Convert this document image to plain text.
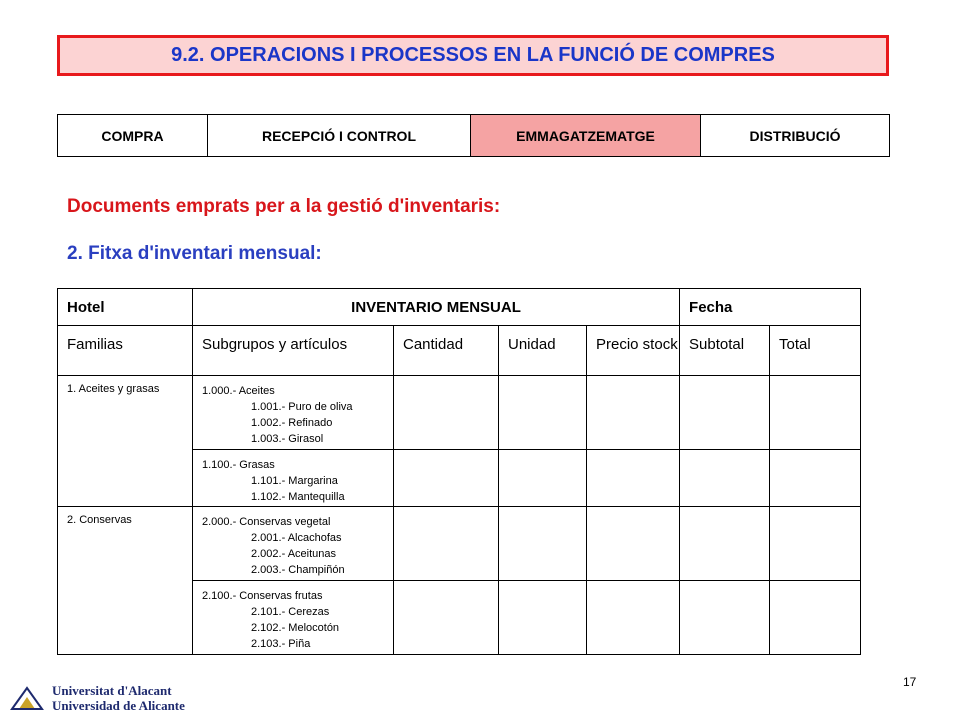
9.2. OPERACIONS I PROCESSOS EN LA FUNCIÓ DE COMPRES
COMPRA	RECEPCIÓ I CONTROL	EMMAGATZEMATGE	DISTRIBUCIÓ
Documents emprats per a la gestió d'inventaris:
2. Fitxa d'inventari mensual:
Hotel	INVENTARIO MENSUAL				Fecha	
Familias	Subgrupos y artículos	Cantidad	Unidad	Precio stock	Subtotal	Total
1. Aceites y grasas	1.000.- Aceites
1.001.- Puro de oliva
1.002.- Refinado
1.003.- Girasol					

	1.100.- Grasas
1.101.- Margarina
1.102.- Mantequilla					

2. Conservas	2.000.- Conservas vegetal
2.001.- Alcachofas
2.002.- Aceitunas
2.003.- Champiñón					

	2.100.- Conservas frutas
2.101.- Cerezas
2.102.- Melocotón
2.103.- Piña					

17
Universitat d'Alacant
Universidad de Alicante
